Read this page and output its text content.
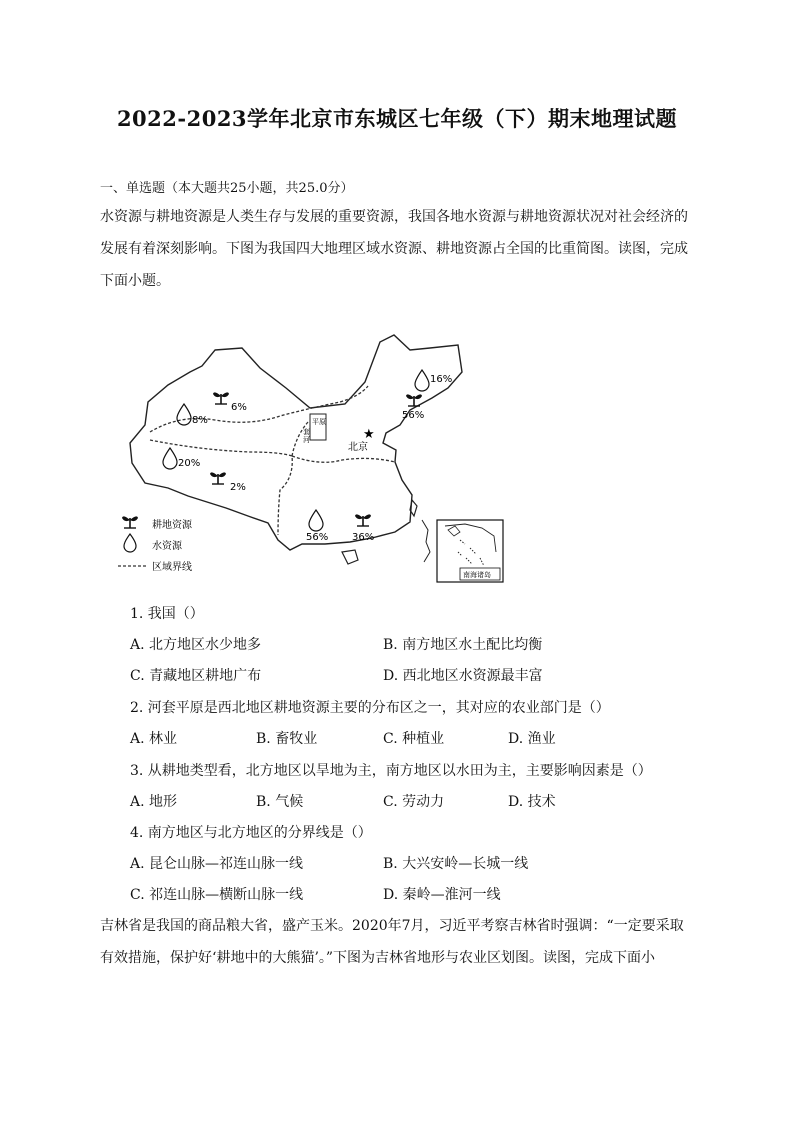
2022-2023学年北京市东城区七年级（下）期末地理试题
一、单选题（本大题共25小题，共25.0分）
水资源与耕地资源是人类生存与发展的重要资源，我国各地水资源与耕地资源状况对社会经济的发展有着深刻影响。下图为我国四大地理区域水资源、耕地资源占全国的比重简图。读图，完成下面小题。
平原
套
河	★
北京
16%
56%
6%
8%
20%
2%
56% 36%
耕地资源
水资源
区域界线
南海诸岛
1. 我国（）
A. 北方地区水少地多	B. 南方地区水土配比均衡
C. 青藏地区耕地广布	D. 西北地区水资源最丰富
2. 河套平原是西北地区耕地资源主要的分布区之一，其对应的农业部门是（）
A. 林业	B. 畜牧业	C. 种植业	D. 渔业
3. 从耕地类型看，北方地区以旱地为主，南方地区以水田为主，主要影响因素是（）
A. 地形	B. 气候	C. 劳动力	D. 技术
4. 南方地区与北方地区的分界线是（）
A. 昆仑山脉—祁连山脉一线	B. 大兴安岭—长城一线
C. 祁连山脉—横断山脉一线	D. 秦岭—淮河一线
吉林省是我国的商品粮大省，盛产玉米。2020年7月，习近平考察吉林省时强调：“一定要采取有效措施，保护好‘耕地中的大熊猫’。”下图为吉林省地形与农业区划图。读图，完成下面小
